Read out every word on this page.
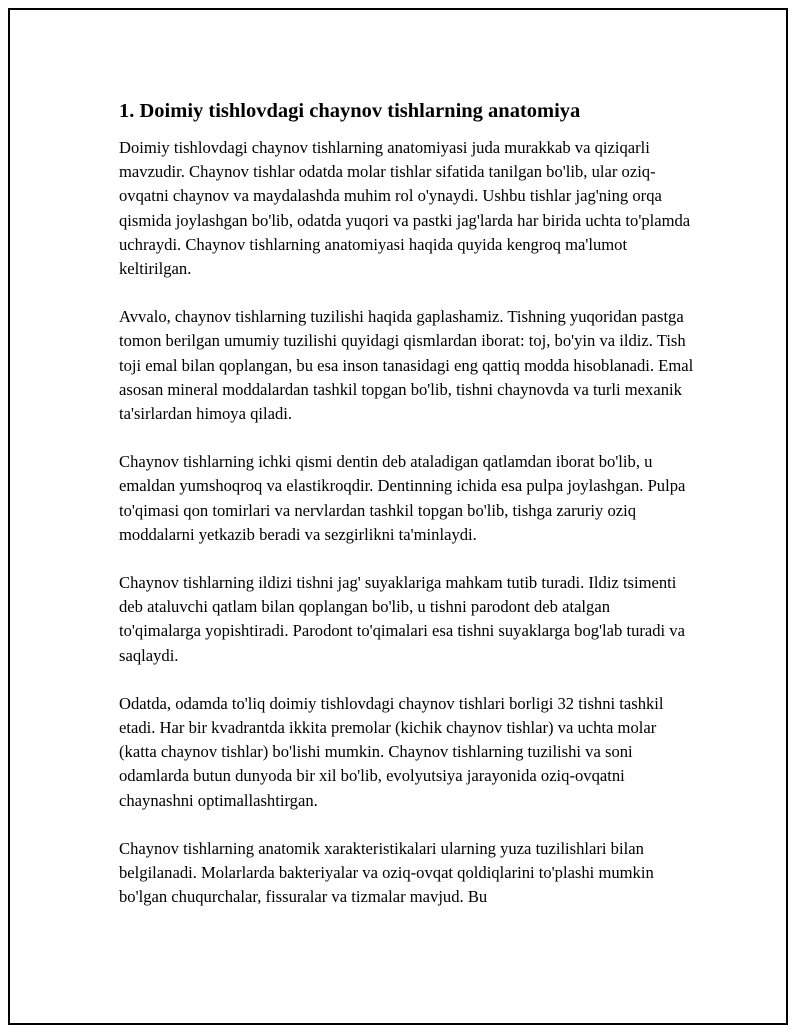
1. Doimiy tishlovdagi chaynov tishlarning anatomiya

Doimiy tishlovdagi chaynov tishlarning anatomiyasi juda murakkab va qiziqarli mavzudir. Chaynov tishlar odatda molar tishlar sifatida tanilgan bo'lib, ular oziq-ovqatni chaynov va maydalashda muhim rol o'ynaydi. Ushbu tishlar jag'ning orqa qismida joylashgan bo'lib, odatda yuqori va pastki jag'larda har birida uchta to'plamda uchraydi. Chaynov tishlarning anatomiyasi haqida quyida kengroq ma'lumot keltirilgan.

Avvalo, chaynov tishlarning tuzilishi haqida gaplashamiz. Tishning yuqoridan pastga tomon berilgan umumiy tuzilishi quyidagi qismlardan iborat: toj, bo'yin va ildiz. Tish toji emal bilan qoplangan, bu esa inson tanasidagi eng qattiq modda hisoblanadi. Emal asosan mineral moddalardan tashkil topgan bo'lib, tishni chaynovda va turli mexanik ta'sirlardan himoya qiladi.

Chaynov tishlarning ichki qismi dentin deb ataladigan qatlamdan iborat bo'lib, u emaldan yumshoqroq va elastikroqdir. Dentinning ichida esa pulpa joylashgan. Pulpa to'qimasi qon tomirlari va nervlardan tashkil topgan bo'lib, tishga zaruriy oziq moddalarni yetkazib beradi va sezgirlikni ta'minlaydi.

Chaynov tishlarning ildizi tishni jag' suyaklariga mahkam tutib turadi. Ildiz tsimenti deb ataluvchi qatlam bilan qoplangan bo'lib, u tishni parodont deb atalgan to'qimalarga yopishtiradi. Parodont to'qimalari esa tishni suyaklarga bog'lab turadi va saqlaydi.

Odatda, odamda to'liq doimiy tishlovdagi chaynov tishlari borligi 32 tishni tashkil etadi. Har bir kvadrantda ikkita premolar (kichik chaynov tishlar) va uchta molar (katta chaynov tishlar) bo'lishi mumkin. Chaynov tishlarning tuzilishi va soni odamlarda butun dunyoda bir xil bo'lib, evolyutsiya jarayonida oziq-ovqatni chaynashni optimallashtirgan.

Chaynov tishlarning anatomik xarakteristikalari ularning yuza tuzilishlari bilan belgilanadi. Molarlarda bakteriyalar va oziq-ovqat qoldiqlarini to'plashi mumkin bo'lgan chuqurchalar, fissuralar va tizmalar mavjud. Bu
